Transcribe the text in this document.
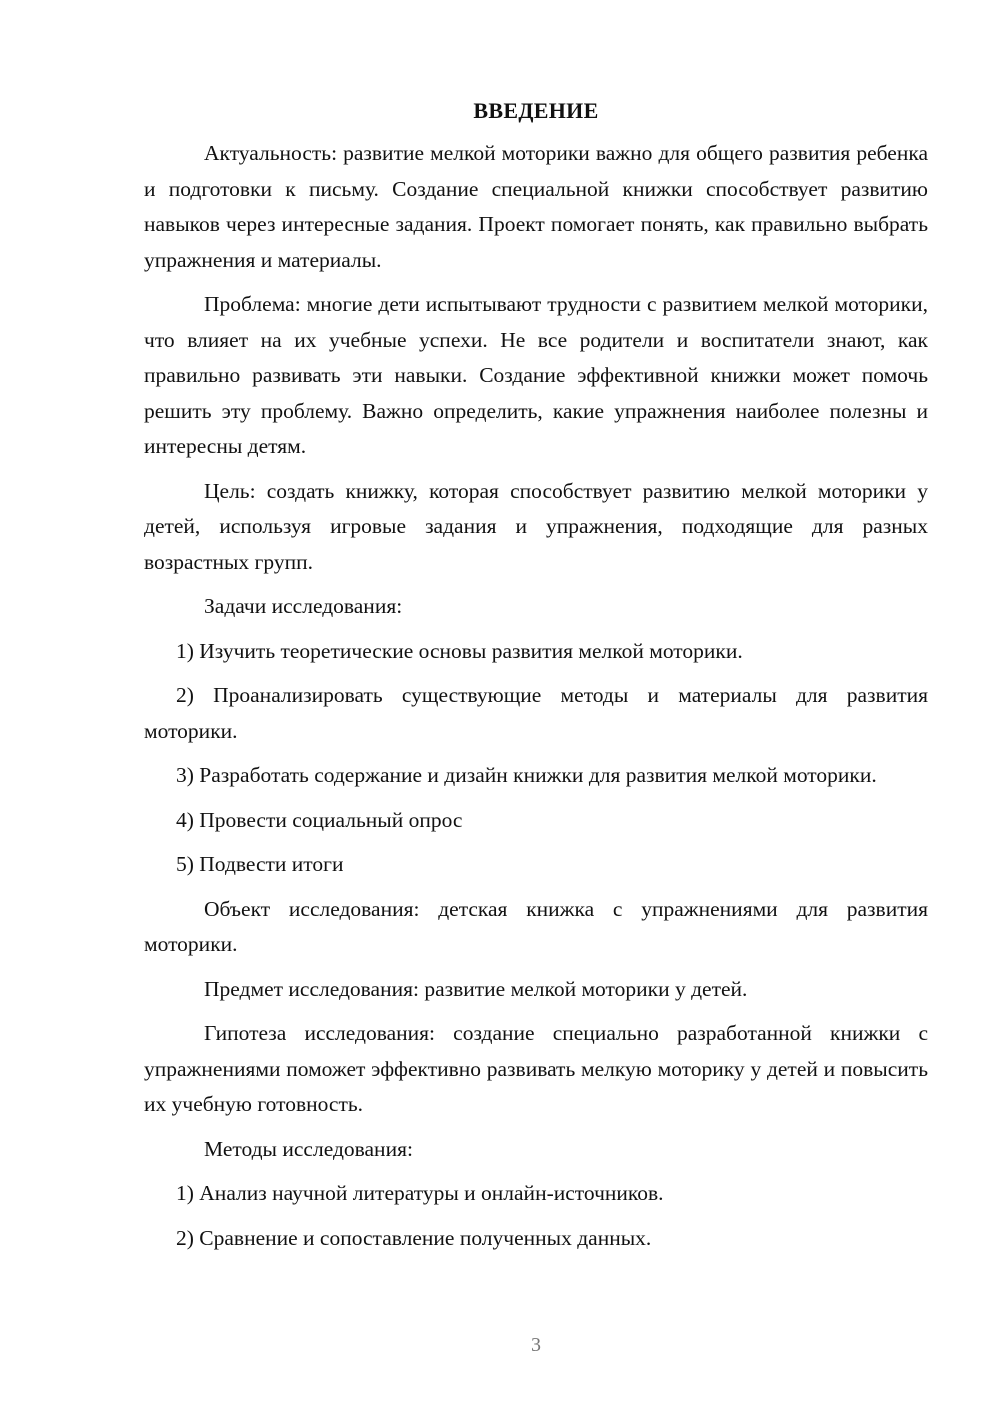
ВВЕДЕНИЕ

Актуальность: развитие мелкой моторики важно для общего развития ребенка и подготовки к письму. Создание специальной книжки способствует развитию навыков через интересные задания. Проект помогает понять, как правильно выбрать упражнения и материалы.

Проблема: многие дети испытывают трудности с развитием мелкой моторики, что влияет на их учебные успехи. Не все родители и воспитатели знают, как правильно развивать эти навыки. Создание эффективной книжки может помочь решить эту проблему. Важно определить, какие упражнения наиболее полезны и интересны детям.

Цель: создать книжку, которая способствует развитию мелкой моторики у детей, используя игровые задания и упражнения, подходящие для разных возрастных групп.

Задачи исследования:

1) Изучить теоретические основы развития мелкой моторики.

2) Проанализировать существующие методы и материалы для развития моторики.

3) Разработать содержание и дизайн книжки для развития мелкой моторики.

4) Провести социальный опрос

5) Подвести итоги

Объект исследования: детская книжка с упражнениями для развития моторики.

Предмет исследования: развитие мелкой моторики у детей.

Гипотеза исследования: создание специально разработанной книжки с упражнениями поможет эффективно развивать мелкую моторику у детей и повысить их учебную готовность.

Методы исследования:

1) Анализ научной литературы и онлайн-источников.

2) Сравнение и сопоставление полученных данных.

3
